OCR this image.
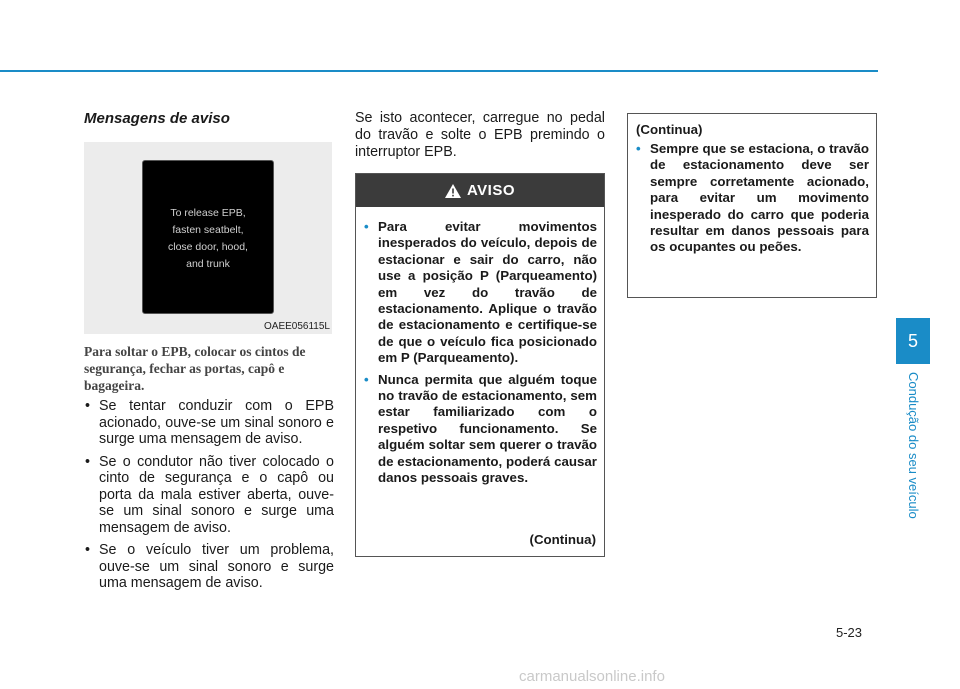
Mensagens de aviso
To release EPB,
fasten seatbelt,
close door, hood,
and trunk
OAEE056115L
Para soltar o EPB, colocar os cintos de segurança, fechar as portas, capô e bagageira.
• Se tentar conduzir com o EPB acionado, ouve-se um sinal sonoro e surge uma mensagem de aviso.
• Se o condutor não tiver colocado o cinto de segurança e o capô ou porta da mala estiver aberta, ouve-se um sinal sonoro e surge uma mensagem de aviso.
• Se o veículo tiver um problema, ouve-se um sinal sonoro e surge uma mensagem de aviso.
Se isto acontecer, carregue no pedal do travão e solte o EPB premindo o interruptor EPB.
AVISO
• Para evitar movimentos inesperados do veículo, depois de estacionar e sair do carro, não use a posição P (Parqueamento) em vez do travão de estacionamento. Aplique o travão de estacionamento e certifique-se de que o veículo fica posicionado em P (Parqueamento).
• Nunca permita que alguém toque no travão de estacionamento, sem estar familiarizado com o respetivo funcionamento. Se alguém soltar sem querer o travão de estacionamento, poderá causar danos pessoais graves.
(Continua)
(Continua)
• Sempre que se estaciona, o travão de estacionamento deve ser sempre corretamente acionado, para evitar um movimento inesperado do carro que poderia resultar em danos pessoais para os ocupantes ou peões.
5
Condução do seu veículo
5-23
carmanualsonline.info
